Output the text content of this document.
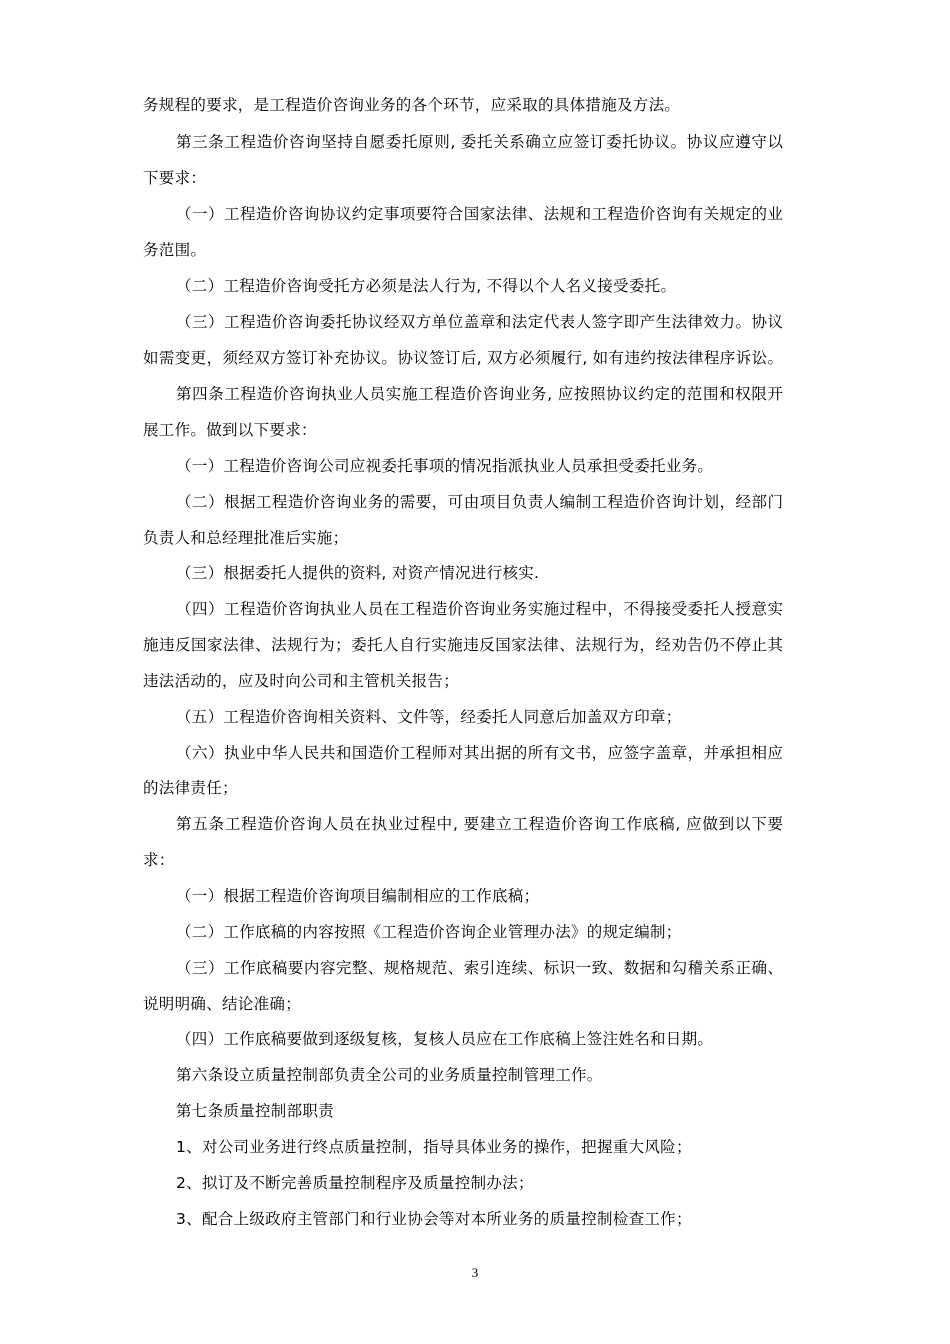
务规程的要求，是工程造价咨询业务的各个环节，应采取的具体措施及方法。
第三条工程造价咨询坚持自愿委托原则, 委托关系确立应签订委托协议。协议应遵守以
下要求：
（一）工程造价咨询协议约定事项要符合国家法律、法规和工程造价咨询有关规定的业
务范围。
（二）工程造价咨询受托方必须是法人行为, 不得以个人名义接受委托。
（三）工程造价咨询委托协议经双方单位盖章和法定代表人签字即产生法律效力。协议
如需变更，须经双方签订补充协议。协议签订后, 双方必须履行, 如有违约按法律程序诉讼。
第四条工程造价咨询执业人员实施工程造价咨询业务, 应按照协议约定的范围和权限开
展工作。做到以下要求：
（一）工程造价咨询公司应视委托事项的情况指派执业人员承担受委托业务。
（二）根据工程造价咨询业务的需要，可由项目负责人编制工程造价咨询计划，经部门
负责人和总经理批准后实施；
（三）根据委托人提供的资料, 对资产情况进行核实.
（四）工程造价咨询执业人员在工程造价咨询业务实施过程中，不得接受委托人授意实
施违反国家法律、法规行为；委托人自行实施违反国家法律、法规行为，经劝告仍不停止其
违法活动的，应及时向公司和主管机关报告；
（五）工程造价咨询相关资料、文件等，经委托人同意后加盖双方印章；
（六）执业中华人民共和国造价工程师对其出据的所有文书，应签字盖章，并承担相应
的法律责任；
第五条工程造价咨询人员在执业过程中, 要建立工程造价咨询工作底稿, 应做到以下要
求：
（一）根据工程造价咨询项目编制相应的工作底稿；
（二）工作底稿的内容按照《工程造价咨询企业管理办法》的规定编制；
（三）工作底稿要内容完整、规格规范、索引连续、标识一致、数据和勾稽关系正确、
说明明确、结论准确；
（四）工作底稿要做到逐级复核，复核人员应在工作底稿上签注姓名和日期。
第六条设立质量控制部负责全公司的业务质量控制管理工作。
第七条质量控制部职责
1、对公司业务进行终点质量控制，指导具体业务的操作，把握重大风险；
2、拟订及不断完善质量控制程序及质量控制办法；
3、配合上级政府主管部门和行业协会等对本所业务的质量控制检查工作；
3
